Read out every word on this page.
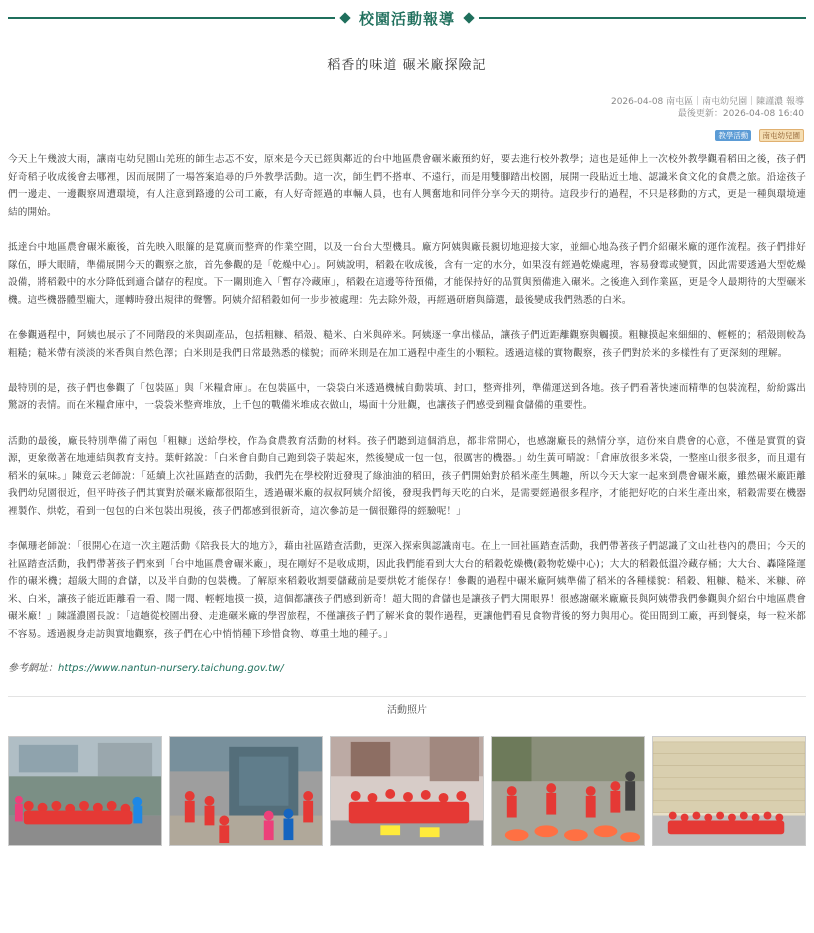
校園活動報導
稻香的味道 碾米廠探險記
2026-04-08 南屯區｜南屯幼兒園｜陳謹濃 報導
最後更新：2026-04-08 16:40
教學活動 南屯幼兒園

今天上午幾波大雨，讓南屯幼兒園山羌班的師生忐忑不安，原來是今天已經與鄰近的台中地區農會碾米廠預約好，要去進行校外教學；這也是延伸上一次校外教學觀看稻田之後，孩子們好奇稻子收成後會去哪裡，因而展開了一場答案追尋的戶外教學活動。這一次，師生們不搭車、不遠行，而是用雙腳踏出校園，展開一段貼近土地、認識米食文化的食農之旅。沿途孩子們一邊走、一邊觀察周遭環境，有人注意到路邊的公司工廠，有人好奇經過的車輛人員，也有人興奮地和同伴分享今天的期待。這段步行的過程，不只是移動的方式，更是一種與環境連結的開始。

抵達台中地區農會碾米廠後，首先映入眼簾的是寬廣而整齊的作業空間，以及一台台大型機具。廠方阿姨與廠長親切地迎接大家，並細心地為孩子們介紹碾米廠的運作流程。孩子們排好隊伍，睜大眼睛，準備展開今天的觀察之旅，首先參觀的是「乾燥中心」。阿姨說明，稻穀在收成後，含有一定的水分，如果沒有經過乾燥處理，容易發霉或變質，因此需要透過大型乾燥設備，將稻穀中的水分降低到適合儲存的程度。下一關則進入「暫存冷藏庫」，稻穀在這邊等待預備，才能保持好的品質與預備進入碾米。之後進入到作業區，更是令人最期待的大型碾米機。這些機器體型龐大，運轉時發出規律的聲響。阿姨介紹稻穀如何一步步被處理：先去除外殼，再經過研磨與篩選，最後變成我們熟悉的白米。

在參觀過程中，阿姨也展示了不同階段的米與副產品，包括粗糠、稻殼、糙米、白米與碎米。阿姨逐一拿出樣品，讓孩子們近距離觀察與觸摸。粗糠摸起來細細的、輕輕的；稻殼則較為粗糙；糙米帶有淡淡的米香與自然色澤；白米則是我們日常最熟悉的樣貌；而碎米則是在加工過程中產生的小顆粒。透過這樣的實物觀察，孩子們對於米的多樣性有了更深刻的理解。

最特別的是，孩子們也參觀了「包裝區」與「米糧倉庫」。在包裝區中，一袋袋白米透過機械自動裝填、封口，整齊排列，準備運送到各地。孩子們看著快速而精準的包裝流程，紛紛露出驚訝的表情。而在米糧倉庫中，一袋袋米整齊堆放，上千包的戰備米堆成衣做山，場面十分壯觀，也讓孩子們感受到糧食儲備的重要性。

活動的最後，廠長特別準備了兩包「粗糠」送給學校，作為食農教育活動的材料。孩子們聽到這個消息，都非常開心，也感謝廠長的熱情分享，這份來自農會的心意，不僅是實質的資源，更象徵著在地連結與教育支持。葉軒銘說：「白米會自動自己跑到袋子裝起來，然後變成一包一包，很厲害的機器。」幼生黃可晴說：「倉庫放很多米袋，一整座山很多很多，而且還有稻米的氣味。」陳竟云老師說：「延續上次社區踏查的活動，我們先在學校附近發現了綠油油的稻田，孩子們開始對於稻米產生興趣，所以今天大家一起來到農會碾米廠，雖然碾米廠距離我們幼兒園很近，但平時孩子們其實對於碾米廠都很陌生，透過碾米廠的叔叔阿姨介紹後，發現我們每天吃的白米，是需要經過很多程序，才能把好吃的白米生產出來，稻穀需要在機器裡製作、烘乾，看到一包包的白米包裝出現後，孩子們都感到很新奇，這次參訪是一個很難得的經驗呢！」

李佩珊老師說：「很開心在這一次主題活動《陪我長大的地方》，藉由社區踏查活動，更深入探索與認識南屯。在上一回社區踏查活動，我們帶著孩子們認識了文山社巷內的農田；今天的社區踏查活動，我們帶著孩子們來到「台中地區農會碾米廠」，現在剛好不是收成期，因此我們能看到大大台的稻穀乾燥機(穀物乾燥中心)；大大的稻穀低溫冷藏存桶；大大台、轟隆隆運作的碾米機；超級大間的倉儲，以及半自動的包裝機。了解原來稻穀收割要儲藏前是要烘乾才能保存！參觀的過程中碾米廠阿姨準備了稻米的各種樣貌：稻穀、粗糠、糙米、米糠、碎米、白米，讓孩子能近距離看一看、聞一聞、輕輕地摸一摸，這個都讓孩子們感到新奇！超大間的倉儲也是讓孩子們大開眼界！很感謝碾米廠廠長與阿姨帶我們參觀與介紹台中地區農會碾米廠！」陳謹濃園長說：「這趟從校園出發、走進碾米廠的學習旅程，不僅讓孩子們了解米食的製作過程，更讓他們看見食物背後的努力與用心。從田間到工廠，再到餐桌，每一粒米都不容易。透過親身走訪與實地觀察，孩子們在心中悄悄種下珍惜食物、尊重土地的種子。」

參考網址：https://www.nantun-nursery.taichung.gov.tw/
活動照片
